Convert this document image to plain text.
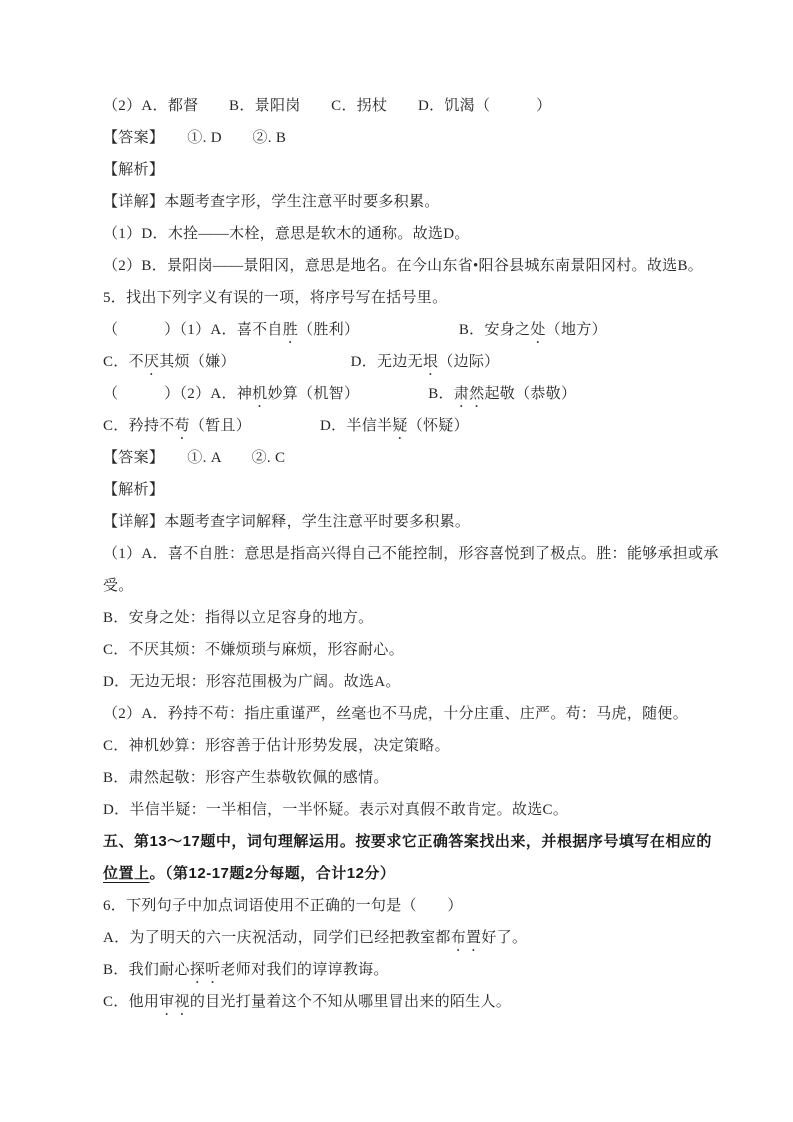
（2）A．都督　　B．景阳岗　　C．拐杖　　D．饥渴（　　　）
【答案】　　①. D　　②. B
【解析】
【详解】本题考查字形，学生注意平时要多积累。
（1）D．木拴——木栓，意思是软木的通称。故选D。
（2）B．景阳岗——景阳冈，意思是地名。在今山东省•阳谷县城东南景阳冈村。故选B。
5．找出下列字义有误的一项，将序号写在括号里。
（　　　）（1）A．喜不自胜（胜利）　　　　　　　B．安身之处（地方）
C．不厌其烦（嫌）　　　　　　　　D．无边无垠（边际）
（　　　）（2）A．神机妙算（机智）　　　　　B．肃然起敬（恭敬）
C．矜持不苟（暂且）　　　　　D．半信半疑（怀疑）
【答案】　　①. A　　②. C
【解析】
【详解】本题考查字词解释，学生注意平时要多积累。
（1）A．喜不自胜：意思是指高兴得自己不能控制，形容喜悦到了极点。胜：能够承担或承
受。
B．安身之处：指得以立足容身的地方。
C．不厌其烦：不嫌烦琐与麻烦，形容耐心。
D．无边无垠：形容范围极为广阔。故选A。
（2）A．矜持不苟：指庄重谨严，丝毫也不马虎，十分庄重、庄严。苟：马虎，随便。
C．神机妙算：形容善于估计形势发展，决定策略。
B．肃然起敬：形容产生恭敬钦佩的感情。
D．半信半疑：一半相信，一半怀疑。表示对真假不敢肯定。故选C。
五、第13～17题中，词句理解运用。按要求它正确答案找出来，并根据序号填写在相应的
位置上。（第12-17题2分每题，合计12分）
6．下列句子中加点词语使用不正确的一句是（　　）
A．为了明天的六一庆祝活动，同学们已经把教室都布置好了。
B．我们耐心探听老师对我们的谆谆教诲。
C．他用审视的目光打量着这个不知从哪里冒出来的陌生人。
